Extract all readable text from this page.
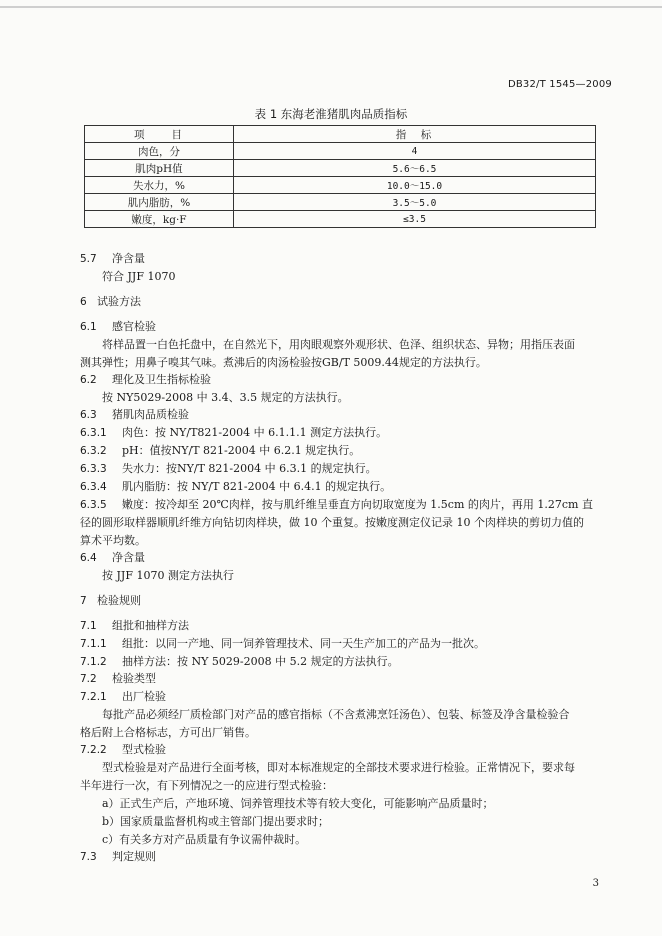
DB32/T 1545—2009
表 1 东海老淮猪肌肉品质指标
项　　目	指　标
肉色，分	4
肌肉pH值	5.6～6.5
失水力，%	10.0～15.0
肌内脂肪，%	3.5～5.0
嫩度，kg·F	≤3.5
5.7 净含量
符合 JJF 1070
6 试验方法
6.1 感官检验
将样品置一白色托盘中，在自然光下，用肉眼观察外观形状、色泽、组织状态、异物；用指压表面
测其弹性；用鼻子嗅其气味。煮沸后的肉汤检验按GB/T 5009.44规定的方法执行。
6.2 理化及卫生指标检验
按 NY5029-2008 中 3.4、3.5 规定的方法执行。
6.3 猪肌肉品质检验
6.3.1 肉色：按 NY/T821-2004 中 6.1.1.1 测定方法执行。
6.3.2 pH：值按NY/T 821-2004 中 6.2.1 规定执行。
6.3.3 失水力：按NY/T 821-2004 中 6.3.1 的规定执行。
6.3.4 肌内脂肪：按 NY/T 821-2004 中 6.4.1 的规定执行。
6.3.5 嫩度：按冷却至 20℃肉样，按与肌纤维呈垂直方向切取宽度为 1.5cm 的肉片，再用 1.27cm 直
径的圆形取样器顺肌纤维方向钻切肉样块，做 10 个重复。按嫩度测定仪记录 10 个肉样块的剪切力值的
算术平均数。
6.4 净含量
按 JJF 1070 测定方法执行
7 检验规则
7.1 组批和抽样方法
7.1.1 组批：以同一产地、同一饲养管理技术、同一天生产加工的产品为一批次。
7.1.2 抽样方法：按 NY 5029-2008 中 5.2 规定的方法执行。
7.2 检验类型
7.2.1 出厂检验
每批产品必须经厂质检部门对产品的感官指标（不含煮沸烹饪汤色）、包装、标签及净含量检验合
格后附上合格标志，方可出厂销售。
7.2.2 型式检验
型式检验是对产品进行全面考核，即对本标准规定的全部技术要求进行检验。正常情况下，要求每
半年进行一次，有下列情况之一的应进行型式检验：
a）正式生产后，产地环境、饲养管理技术等有较大变化，可能影响产品质量时；
b）国家质量监督机构或主管部门提出要求时；
c）有关多方对产品质量有争议需仲裁时。
7.3 判定规则
3
